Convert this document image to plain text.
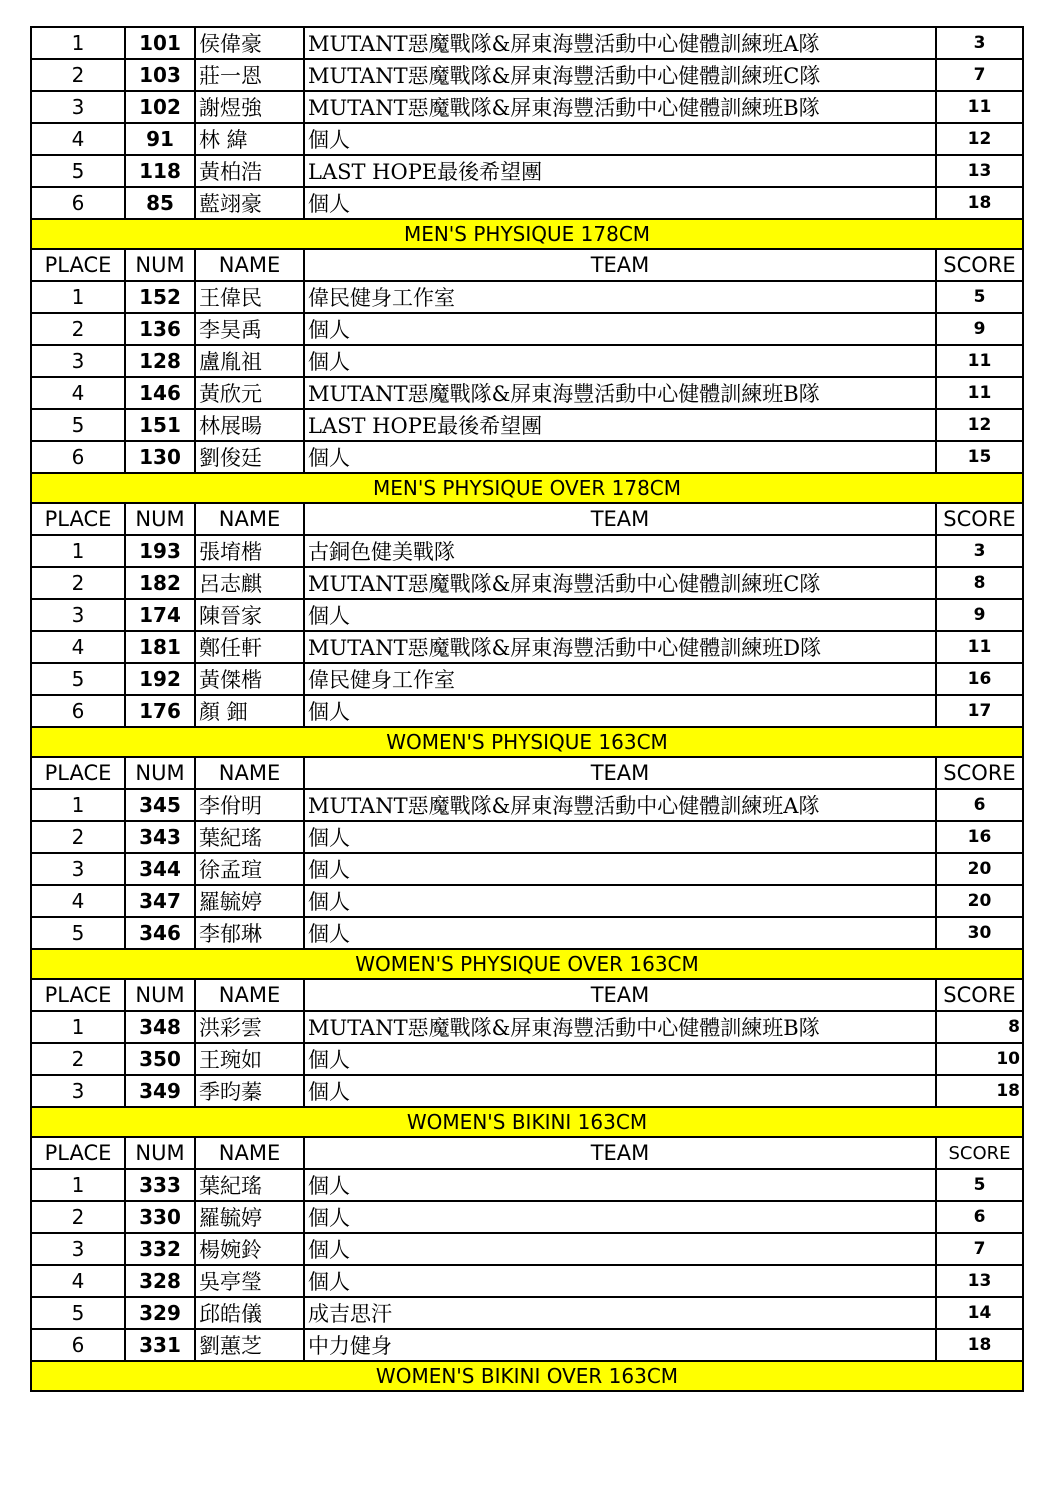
1	101	侯偉豪	MUTANT惡魔戰隊&屏東海豐活動中心健體訓練班A隊	3
2	103	莊一恩	MUTANT惡魔戰隊&屏東海豐活動中心健體訓練班C隊	7
3	102	謝煜強	MUTANT惡魔戰隊&屏東海豐活動中心健體訓練班B隊	11
4	91	林 緯	個人	12
5	118	黃柏浩	LAST HOPE最後希望團	13
6	85	藍翊豪	個人	18
MEN'S PHYSIQUE 178CM				
PLACE	NUM	NAME	TEAM	SCORE
1	152	王偉民	偉民健身工作室	5
2	136	李昊禹	個人	9
3	128	盧胤祖	個人	11
4	146	黃欣元	MUTANT惡魔戰隊&屏東海豐活動中心健體訓練班B隊	11
5	151	林展暘	LAST HOPE最後希望團	12
6	130	劉俊廷	個人	15
MEN'S PHYSIQUE OVER 178CM				
PLACE	NUM	NAME	TEAM	SCORE
1	193	張堉楷	古銅色健美戰隊	3
2	182	呂志麒	MUTANT惡魔戰隊&屏東海豐活動中心健體訓練班C隊	8
3	174	陳晉家	個人	9
4	181	鄭任軒	MUTANT惡魔戰隊&屏東海豐活動中心健體訓練班D隊	11
5	192	黃傑楷	偉民健身工作室	16
6	176	顏 鈿	個人	17
WOMEN'S PHYSIQUE 163CM				
PLACE	NUM	NAME	TEAM	SCORE
1	345	李佾明	MUTANT惡魔戰隊&屏東海豐活動中心健體訓練班A隊	6
2	343	葉紀瑤	個人	16
3	344	徐孟瑄	個人	20
4	347	羅毓婷	個人	20
5	346	李郁琳	個人	30
WOMEN'S PHYSIQUE OVER 163CM				
PLACE	NUM	NAME	TEAM	SCORE
1	348	洪彩雲	MUTANT惡魔戰隊&屏東海豐活動中心健體訓練班B隊	8
2	350	王琬如	個人	10
3	349	季昀蓁	個人	18
WOMEN'S BIKINI 163CM				
PLACE	NUM	NAME	TEAM	SCORE
1	333	葉紀瑤	個人	5
2	330	羅毓婷	個人	6
3	332	楊婉鈴	個人	7
4	328	吳亭瑩	個人	13
5	329	邱皓儀	成吉思汗	14
6	331	劉蕙芝	中力健身	18
WOMEN'S BIKINI OVER 163CM				
